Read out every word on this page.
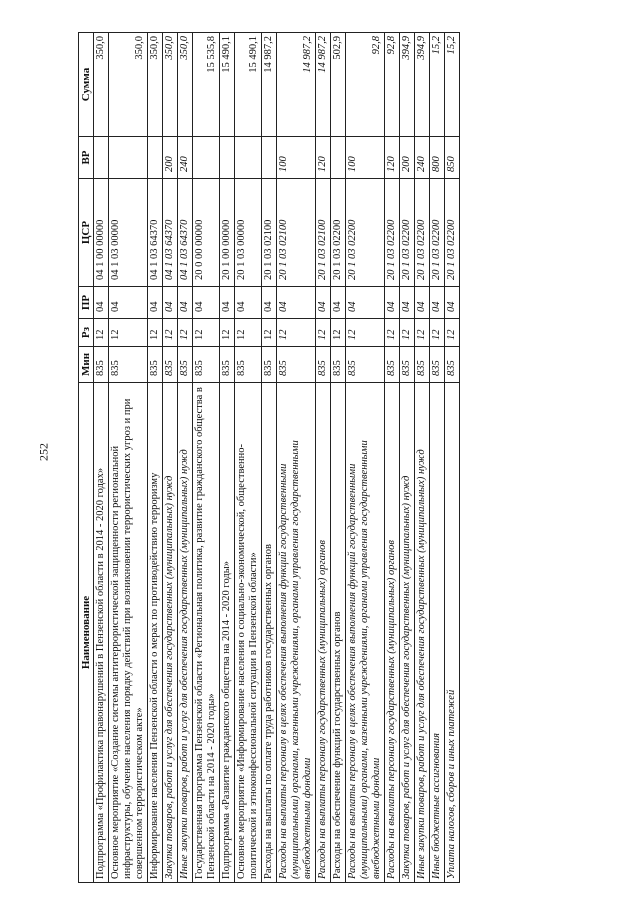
252
Наименование	Мин	Рз	ПР	ЦСР	ВР	Сумма
Подпрограмма «Профилактика правонарушений в Пензенской области в 2014 - 2020 годах»	835	12	04	04 1 00 00000		350,0
Основное мероприятие «Создание системы антитеррористической защищенности региональной инфраструктуры, обучение населения порядку действий при возникновении террористических угроз и при совершенном террористическом акте»	835	12	04	04 1 03 00000		350,0
Информирование населения Пензенской области о мерах по противодействию терроризму	835	12	04	04 1 03 64370		350,0
Закупка товаров, работ и услуг для обеспечения государственных (муниципальных) нужд	835	12	04	04 1 03 64370	200	350,0
Иные закупки товаров, работ и услуг для обеспечения государственных (муниципальных) нужд	835	12	04	04 1 03 64370	240	350,0
Государственная программа Пензенской области «Региональная политика, развитие гражданского общества в Пензенской области на 2014 - 2020 годы»	835	12	04	20 0 00 00000		15 535,8
Подпрограмма «Развитие гражданского общества на 2014 - 2020 годы»	835	12	04	20 1 00 00000		15 490,1
Основное мероприятие «Информирование населения о социально-экономической, общественно-политической и этноконфессиональной ситуации в Пензенской области»	835	12	04	20 1 03 00000		15 490,1
Расходы на выплаты по оплате труда работников государственных органов	835	12	04	20 1 03 02100		14 987,2
Расходы на выплаты персоналу в целях обеспечения выполнения функций государственными (муниципальными) органами, казенными учреждениями, органами управления государственными внебюджетными фондами	835	12	04	20 1 03 02100	100	14 987,2
Расходы на выплаты персоналу государственных (муниципальных) органов	835	12	04	20 1 03 02100	120	14 987,2
Расходы на обеспечение функций государственных органов	835	12	04	20 1 03 02200		502,9
Расходы на выплаты персоналу в целях обеспечения выполнения функций государственными (муниципальными) органами, казенными учреждениями, органами управления государственными внебюджетными фондами	835	12	04	20 1 03 02200	100	92,8
Расходы на выплаты персоналу государственных (муниципальных) органов	835	12	04	20 1 03 02200	120	92,8
Закупка товаров, работ и услуг для обеспечения государственных (муниципальных) нужд	835	12	04	20 1 03 02200	200	394,9
Иные закупки товаров, работ и услуг для обеспечения государственных (муниципальных) нужд	835	12	04	20 1 03 02200	240	394,9
Иные бюджетные ассигнования	835	12	04	20 1 03 02200	800	15,2
Уплата налогов, сборов и иных платежей	835	12	04	20 1 03 02200	850	15,2
